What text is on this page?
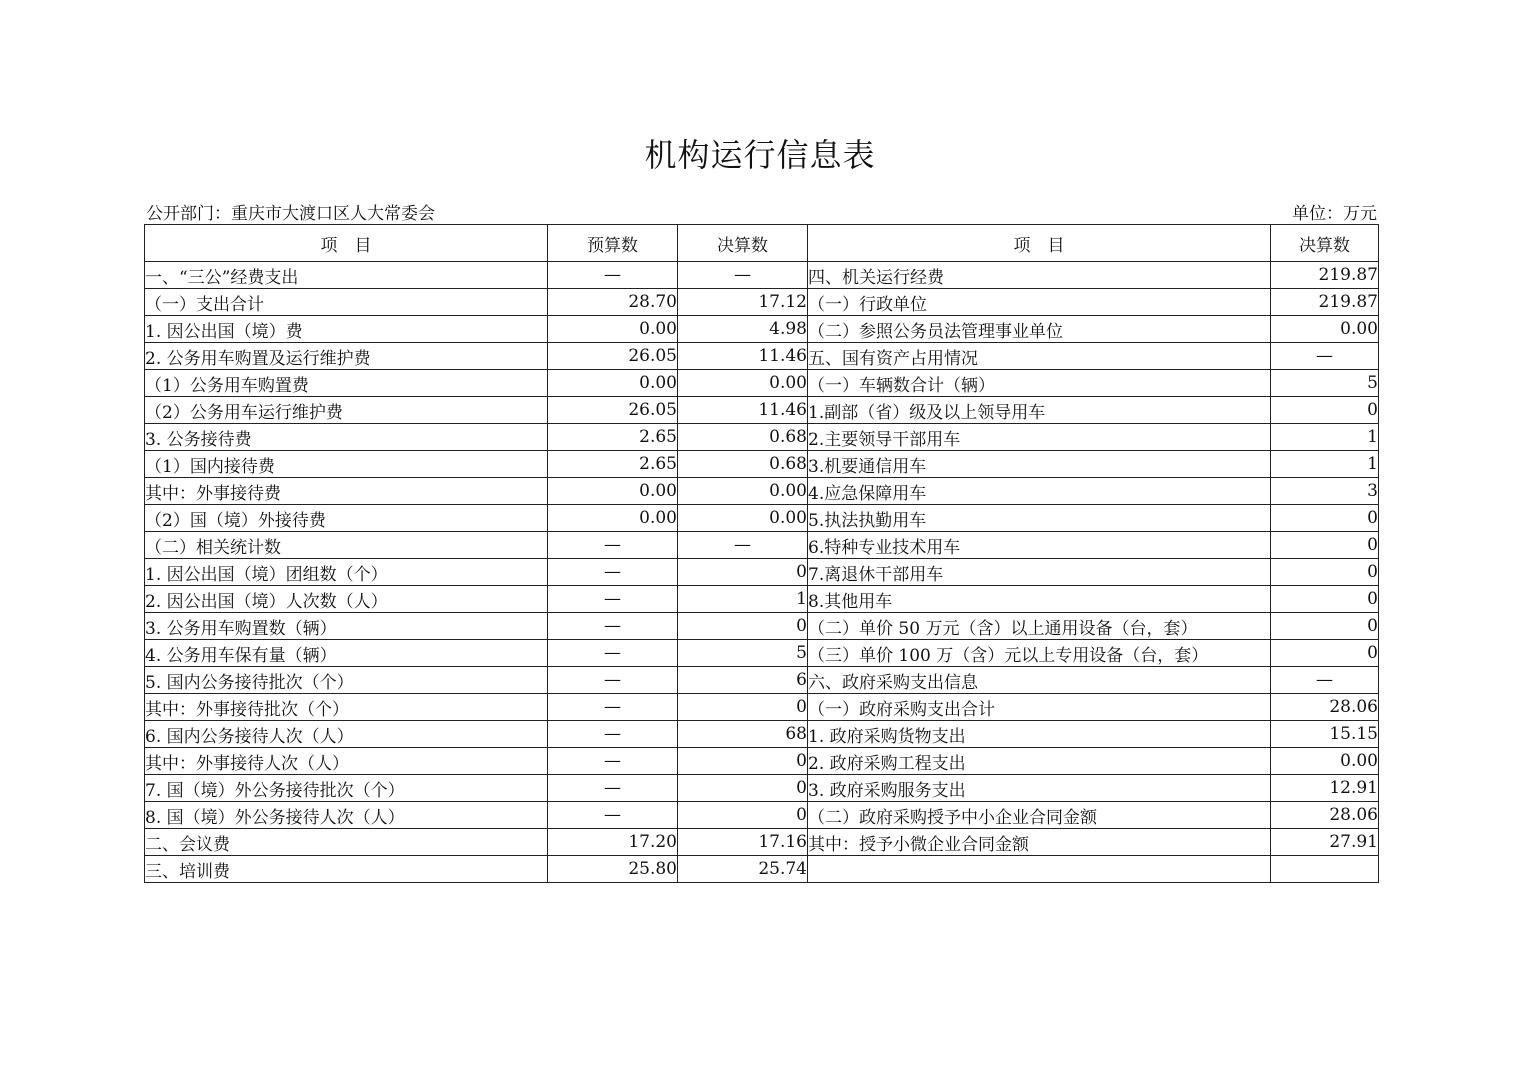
机构运行信息表
公开部门：重庆市大渡口区人大常委会	单位：万元
项　目	预算数	决算数	项　目	决算数
一、“三公”经费支出	—	—	四、机关运行经费	219.87
（一）支出合计	28.70	17.12	（一）行政单位	219.87
1. 因公出国（境）费	0.00	4.98	（二）参照公务员法管理事业单位	0.00
2. 公务用车购置及运行维护费	26.05	11.46	五、国有资产占用情况	—
（1）公务用车购置费	0.00	0.00	（一）车辆数合计（辆）	5
（2）公务用车运行维护费	26.05	11.46	1.副部（省）级及以上领导用车	0
3. 公务接待费	2.65	0.68	2.主要领导干部用车	1
（1）国内接待费	2.65	0.68	3.机要通信用车	1
其中：外事接待费	0.00	0.00	4.应急保障用车	3
（2）国（境）外接待费	0.00	0.00	5.执法执勤用车	0
（二）相关统计数	—	—	6.特种专业技术用车	0
1. 因公出国（境）团组数（个）	—	0	7.离退休干部用车	0
2. 因公出国（境）人次数（人）	—	1	8.其他用车	0
3. 公务用车购置数（辆）	—	0	（二）单价 50 万元（含）以上通用设备（台，套）	0
4. 公务用车保有量（辆）	—	5	（三）单价 100 万（含）元以上专用设备（台，套）	0
5. 国内公务接待批次（个）	—	6	六、政府采购支出信息	—
其中：外事接待批次（个）	—	0	（一）政府采购支出合计	28.06
6. 国内公务接待人次（人）	—	68	1. 政府采购货物支出	15.15
其中：外事接待人次（人）	—	0	2. 政府采购工程支出	0.00
7. 国（境）外公务接待批次（个）	—	0	3. 政府采购服务支出	12.91
8. 国（境）外公务接待人次（人）	—	0	（二）政府采购授予中小企业合同金额	28.06
二、会议费	17.20	17.16	其中：授予小微企业合同金额	27.91
三、培训费	25.80	25.74		
